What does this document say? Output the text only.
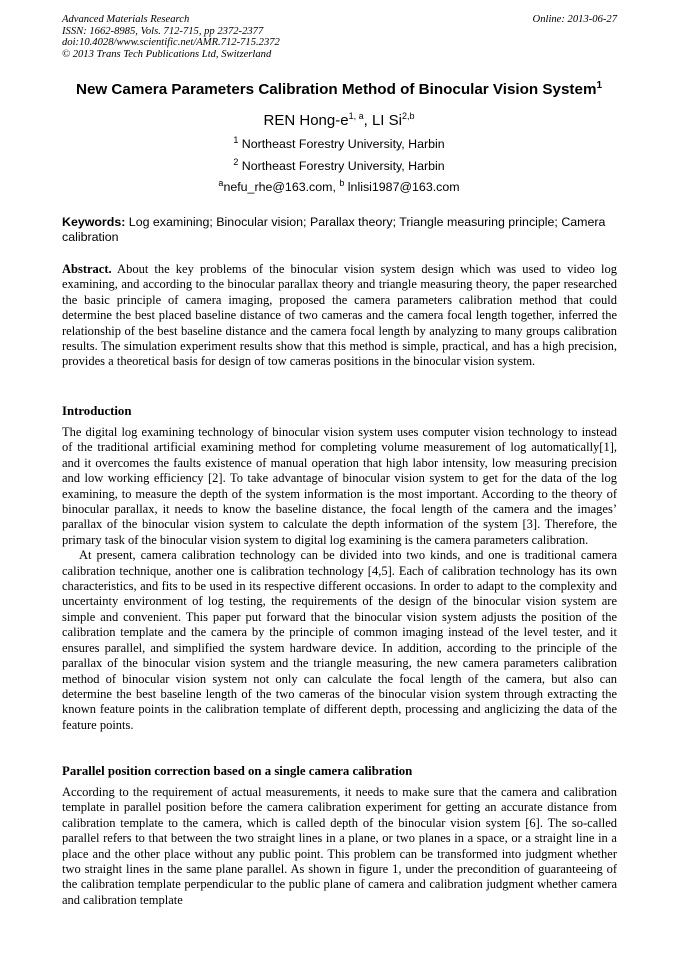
Advanced Materials Research
ISSN: 1662-8985, Vols. 712-715, pp 2372-2377
doi:10.4028/www.scientific.net/AMR.712-715.2372
© 2013 Trans Tech Publications Ltd, Switzerland
Online: 2013-06-27
New Camera Parameters Calibration Method of Binocular Vision System$^1$
REN Hong-$e^{1, a}$, LI Si$^{2,b}$
$^1$ Northeast Forestry University, Harbin
$^2$ Northeast Forestry University, Harbin
$^a$nefu_rhe@163.com, $^b$ lnlisi1987@163.com
Keywords: Log examining; Binocular vision; Parallax theory; Triangle measuring principle; Camera calibration

Abstract. About the key problems of the binocular vision system design which was used to video log examining, and according to the binocular parallax theory and triangle measuring theory, the paper researched the basic principle of camera imaging, proposed the camera parameters calibration method that could determine the best placed baseline distance of two cameras and the camera focal length together, inferred the relationship of the best baseline distance and the camera focal length by analyzing to many groups calibration results. The simulation experiment results show that this method is simple, practical, and has a high precision, provides a theoretical basis for design of tow cameras positions in the binocular vision system.

Introduction

The digital log examining technology of binocular vision system uses computer vision technology to instead of the traditional artificial examining method for completing volume measurement of log automatically[1], and it overcomes the faults existence of manual operation that high labor intensity, low measuring precision and low working efficiency [2]. To take advantage of binocular vision system to get for the data of the log examining, to measure the depth of the system information is the most important. According to the theory of binocular parallax, it needs to know the baseline distance, the focal length of the camera and the images’ parallax of the binocular vision system to calculate the depth information of the system [3]. Therefore, the primary task of the binocular vision system to digital log examining is the camera parameters calibration.

At present, camera calibration technology can be divided into two kinds, and one is traditional camera calibration technique, another one is calibration technology [4,5]. Each of calibration technology has its own characteristics, and fits to be used in its respective different occasions. In order to adapt to the complexity and uncertainty environment of log testing, the requirements of the design of the binocular vision system are simple and convenient. This paper put forward that the binocular vision system adjusts the position of the calibration template and the camera by the principle of common imaging instead of the level tester, and it ensures parallel, and simplified the system hardware device. In addition, according to the principle of the parallax of the binocular vision system and the triangle measuring, the new camera parameters calibration method of binocular vision system not only can calculate the focal length of the camera, but also can determine the best baseline length of the two cameras of the binocular vision system through extracting the known feature points in the calibration template of different depth, processing and anglicizing the data of the feature points.

Parallel position correction based on a single camera calibration

According to the requirement of actual measurements, it needs to make sure that the camera and calibration template in parallel position before the camera calibration experiment for getting an accurate distance from calibration template to the camera, which is called depth of the binocular vision system [6]. The so-called parallel refers to that between the two straight lines in a plane, or two planes in a space, or a straight line in a place and the other place without any public point. This problem can be transformed into judgment whether two straight lines in the same plane parallel. As shown in figure 1, under the precondition of guaranteeing of the calibration template perpendicular to the public plane of camera and calibration judgment whether camera and calibration template
